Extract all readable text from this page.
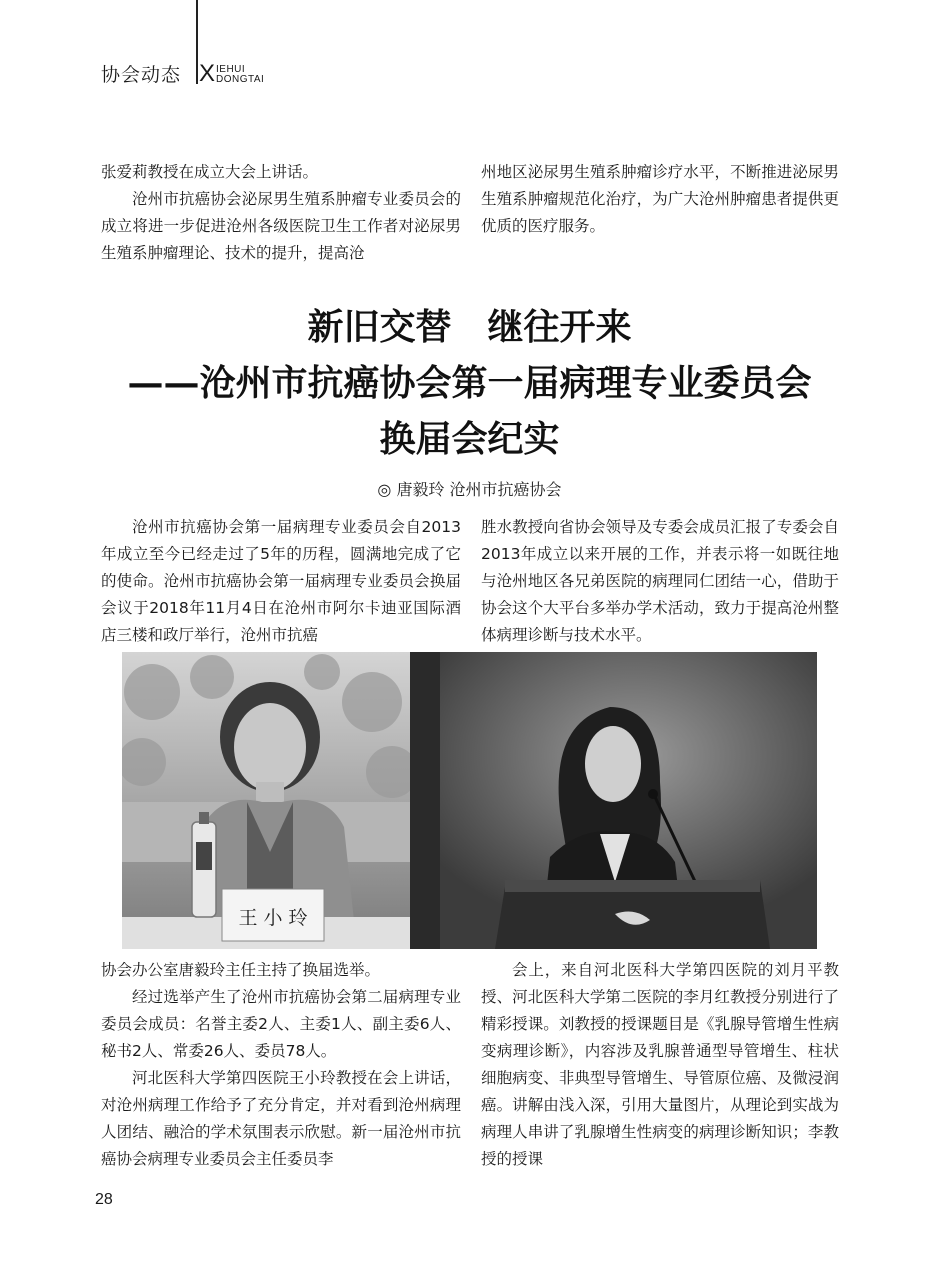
协会动态 X IEHUI
DONGTAI

张爱莉教授在成立大会上讲话。

沧州市抗癌协会泌尿男生殖系肿瘤专业委员会的成立将进一步促进沧州各级医院卫生工作者对泌尿男生殖系肿瘤理论、技术的提升，提高沧

州地区泌尿男生殖系肿瘤诊疗水平，不断推进泌尿男生殖系肿瘤规范化治疗，为广大沧州肿瘤患者提供更优质的医疗服务。

新旧交替　继往开来
——沧州市抗癌协会第一届病理专业委员会
换届会纪实
◎ 唐毅玲 沧州市抗癌协会

沧州市抗癌协会第一届病理专业委员会自2013年成立至今已经走过了5年的历程，圆满地完成了它的使命。沧州市抗癌协会第一届病理专业委员会换届会议于2018年11月4日在沧州市阿尔卡迪亚国际酒店三楼和政厅举行，沧州市抗癌

胜水教授向省协会领导及专委会成员汇报了专委会自2013年成立以来开展的工作，并表示将一如既往地与沧州地区各兄弟医院的病理同仁团结一心，借助于协会这个大平台多举办学术活动，致力于提高沧州整体病理诊断与技术水平。

王 小 玲

协会办公室唐毅玲主任主持了换届选举。

经过选举产生了沧州市抗癌协会第二届病理专业委员会成员：名誉主委2人、主委1人、副主委6人、秘书2人、常委26人、委员78人。

河北医科大学第四医院王小玲教授在会上讲话，对沧州病理工作给予了充分肯定，并对看到沧州病理人团结、融洽的学术氛围表示欣慰。新一届沧州市抗癌协会病理专业委员会主任委员李

会上，来自河北医科大学第四医院的刘月平教授、河北医科大学第二医院的李月红教授分别进行了精彩授课。刘教授的授课题目是《乳腺导管增生性病变病理诊断》，内容涉及乳腺普通型导管增生、柱状细胞病变、非典型导管增生、导管原位癌、及微浸润癌。讲解由浅入深，引用大量图片，从理论到实战为病理人串讲了乳腺增生性病变的病理诊断知识；李教授的授课

28
